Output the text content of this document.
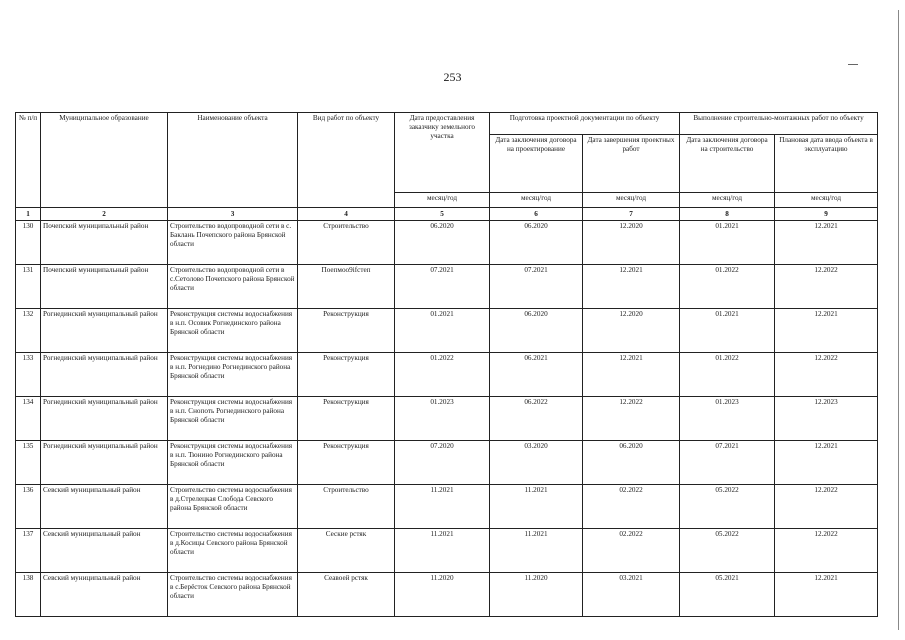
253
№ п/п	Муниципальное образование	Наименование объекта	Вид работ по объекту	Дата предоставления заказчику земельного участка	Подготовка проектной документации по объекту		Выполнение строительно-монтажных работ по объекту	
					Дата заключения договора на проектирование	Дата завершения проектных работ	Дата заключения договора на строительство	Плановая дата ввода объекта в эксплуатацию
				месяц/год	месяц/год	месяц/год	месяц/год	месяц/год
1	2	3	4	5	6	7	8	9
130	Почепский муниципальный район	Строительство водопроводной сети в с. Баклань Почепского района Брянской области	Строительство	06.2020	06.2020	12.2020	01.2021	12.2021
131	Почепский муниципальный район	Строительство водопроводной сети в с.Сетолово Почепского района Брянской области	Поепмоо9ifстеп	07.2021	07.2021	12.2021	01.2022	12.2022
132	Рогнединский муниципальный район	Реконструкция системы водоснабжения в н.п. Осовик Рогнединского района Брянской области	Реконструкция	01.2021	06.2020	12.2020	01.2021	12.2021
133	Рогнединский муниципальный район	Реконструкция системы водоснабжения в н.п. Рогнедино Рогнединского района Брянской области	Реконструкция	01.2022	06.2021	12.2021	01.2022	12.2022
134	Рогнединский муниципальный район	Реконструкция системы водоснабжения в н.п. Снопоть Рогнединского района Брянской области	Реконструкция	01.2023	06.2022	12.2022	01.2023	12.2023
135	Рогнединский муниципальный район	Реконструкция системы водоснабжения в н.п. Тюнино Рогнединского района Брянской области	Реконструкция	07.2020	03.2020	06.2020	07.2021	12.2021
136	Севский муниципальный район	Строительство системы водоснабжения в д.Стрелецкая Слобода Севского района Брянской области	Строительство	11.2021	11.2021	02.2022	05.2022	12.2022
137	Севский муниципальный район	Строительство системы водоснабжения в д.Косицы Севского района Брянской области	Сеские рстяк	11.2021	11.2021	02.2022	05.2022	12.2022
138	Севский муниципальный район	Строительство системы водоснабжения в с.Берёсток Севского района Брянской области	Сеавоей рстяк	11.2020	11.2020	03.2021	05.2021	12.2021
